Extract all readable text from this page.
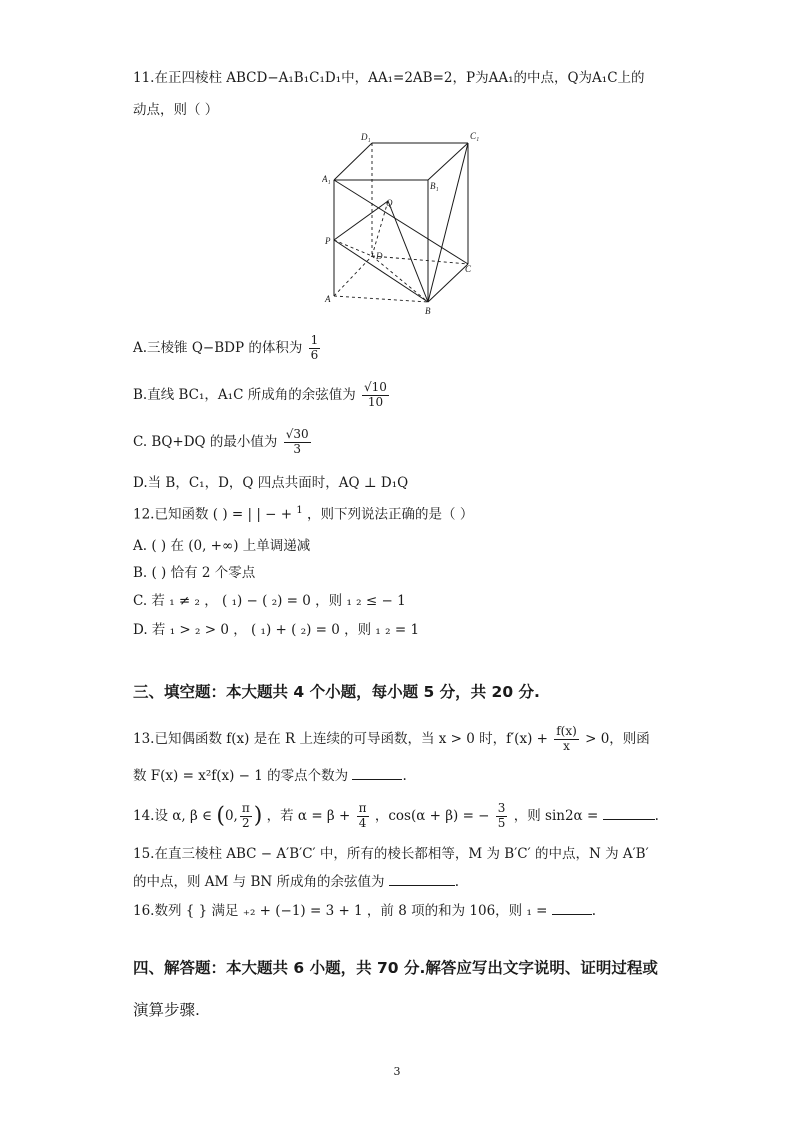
11.在正四棱柱 ABCD−A₁B₁C₁D₁中，AA₁=2AB=2，P为AA₁的中点，Q为A₁C上的
动点，则（ ）
D₁	C₁
A₁
B₁
Q
P
D
C
A
B
A.三棱锥 Q−BDP 的体积为 $\frac{1}{6}$
B.直线 BC₁，A₁C 所成角的余弦值为 $\frac{√10}{10}$
C. BQ+DQ 的最小值为 $\frac{√30}{3}$
D.当 B，C₁，D，Q 四点共面时，AQ ⊥ D₁Q
12.已知函数 ( ) = | | − + $^1$ ，则下列说法正确的是（ ）
A. ( ) 在 (0, +∞) 上单调递减
B. ( ) 恰有 2 个零点
C. 若 ₁ ≠ ₂ ， ( ₁) − ( ₂) = 0 ，则 ₁ ₂ ≤ − 1
D. 若 ₁ > ₂ > 0 ， ( ₁) + ( ₂) = 0 ，则 ₁ ₂ = 1
三、填空题：本大题共 4 个小题，每小题 5 分，共 20 分.
13.已知偶函数 f(x) 是在 R 上连续的可导函数，当 x > 0 时，$f'(x) + \frac{f(x)}{x} > 0$，则函
数 F(x) = x²f(x) − 1 的零点个数为	.
14.设 α, β ∈ (0, $\frac{\pi}{2}$ ) ，若 $\alpha = \beta + \frac{\pi}{4}$ ，cos(α + β) = − $\frac{3}{5}$ ，则 sin2α =	.
15.在直三棱柱 ABC − A′B′C′ 中，所有的棱长都相等，M 为 B′C′ 的中点，N 为 A′B′
的中点，则 AM 与 BN 所成角的余弦值为	.
16.数列 { } 满足 ₊₂ + (−1) = 3 + 1 ，前 8 项的和为 106，则 ₁ =	.
四、解答题：本大题共 6 小题，共 70 分.解答应写出文字说明、证明过程或
演算步骤.
3
